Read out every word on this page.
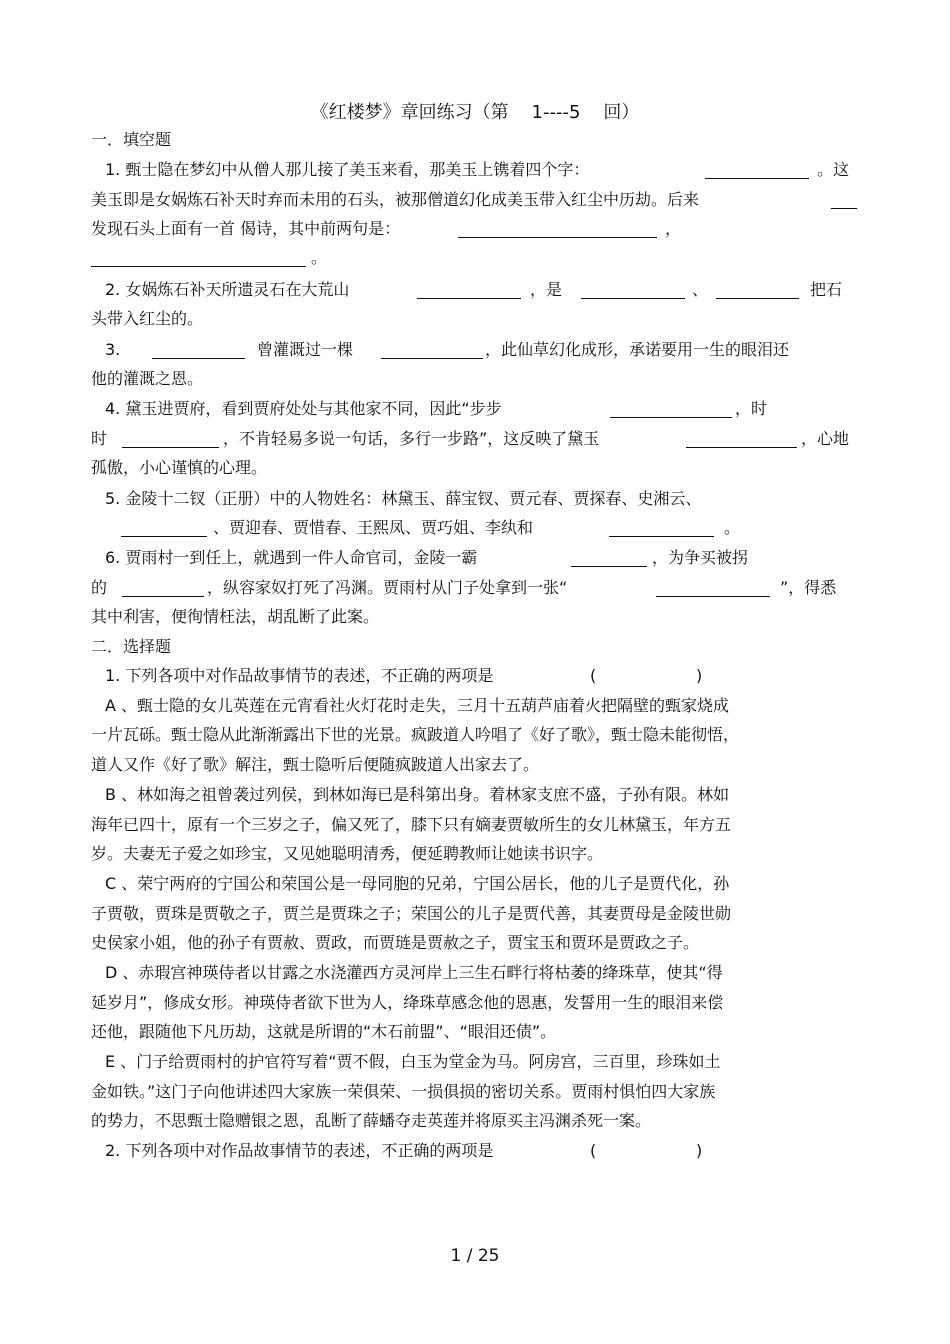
《红楼梦》章回练习（第    1----5    回）
一．填空题
1. 甄士隐在梦幻中从僧人那儿接了美玉来看，那美玉上镌着四个字：	。这
美玉即是女娲炼石补天时弃而未用的石头，被那僧道幻化成美玉带入红尘中历劫。后来
发现石头上面有一首 偈诗，其中前两句是：	，
。
2. 女娲炼石补天所遗灵石在大荒山	，是	、	把石
头带入红尘的。
3.	曾灌溉过一棵	，此仙草幻化成形，承诺要用一生的眼泪还
他的灌溉之恩。
4. 黛玉进贾府，看到贾府处处与其他家不同，因此“步步	，时
时	，不肯轻易多说一句话，多行一步路”，这反映了黛玉	，心地
孤傲，小心谨慎的心理。
5. 金陵十二钗（正册）中的人物姓名：林黛玉、薛宝钗、贾元春、贾探春、史湘云、
、贾迎春、贾惜春、王熙凤、贾巧姐、李纨和	。
6. 贾雨村一到任上，就遇到一件人命官司，金陵一霸	，为争买被拐
的	，纵容家奴打死了冯渊。贾雨村从门子处拿到一张“	”，得悉
其中利害，便徇情枉法，胡乱断了此案。
二．选择题
1. 下列各项中对作品故事情节的表述，不正确的两项是	(	)
A 、甄士隐的女儿英莲在元宵看社火灯花时走失，三月十五葫芦庙着火把隔壁的甄家烧成
一片瓦砾。甄士隐从此渐渐露出下世的光景。疯跛道人吟唱了《好了歌》，甄士隐未能彻悟，
道人又作《好了歌》解注，甄士隐听后便随疯跛道人出家去了。
B 、林如海之祖曾袭过列侯，到林如海已是科第出身。着林家支庶不盛，子孙有限。林如
海年已四十，原有一个三岁之子，偏又死了，膝下只有嫡妻贾敏所生的女儿林黛玉，年方五
岁。夫妻无子爱之如珍宝，又见她聪明清秀，便延聘教师让她读书识字。
C 、荣宁两府的宁国公和荣国公是一母同胞的兄弟，宁国公居长，他的儿子是贾代化，孙
子贾敬，贾珠是贾敬之子，贾兰是贾珠之子；荣国公的儿子是贾代善，其妻贾母是金陵世勋
史侯家小姐，他的孙子有贾赦、贾政，而贾琏是贾赦之子，贾宝玉和贾环是贾政之子。
D 、赤瑕宫神瑛侍者以甘露之水浇灌西方灵河岸上三生石畔行将枯萎的绛珠草，使其“得
延岁月”，修成女形。神瑛侍者欲下世为人，绛珠草感念他的恩惠，发誓用一生的眼泪来偿
还他，跟随他下凡历劫，这就是所谓的“木石前盟”、“眼泪还债”。
E 、门子给贾雨村的护官符写着“贾不假，白玉为堂金为马。阿房宫，三百里，珍珠如土
金如铁。”这门子向他讲述四大家族一荣俱荣、一损俱损的密切关系。贾雨村惧怕四大家族
的势力，不思甄士隐赠银之恩，乱断了薛蟠夺走英莲并将原买主冯渊杀死一案。
2. 下列各项中对作品故事情节的表述，不正确的两项是	(	)
1 / 25
